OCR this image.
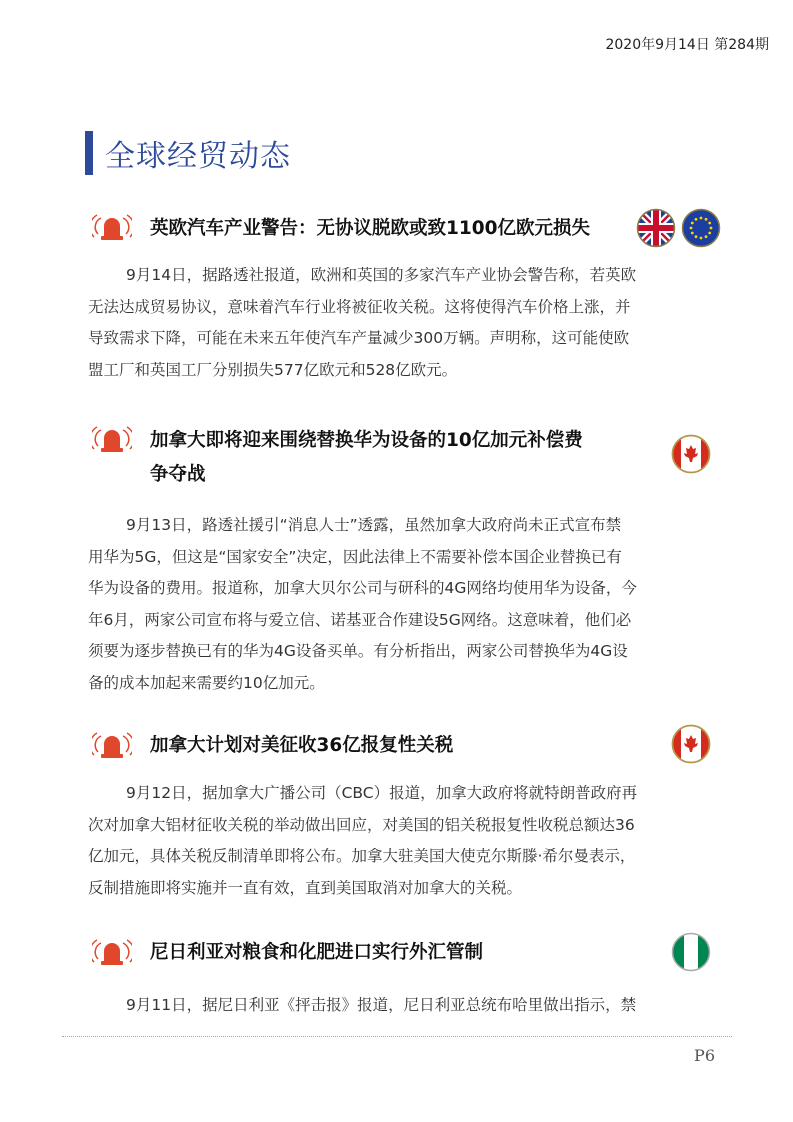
2020年9月14日 第284期
全球经贸动态
英欧汽车产业警告：无协议脱欧或致1100亿欧元损失
9月14日，据路透社报道，欧洲和英国的多家汽车产业协会警告称，若英欧
无法达成贸易协议，意味着汽车行业将被征收关税。这将使得汽车价格上涨，并
导致需求下降，可能在未来五年使汽车产量减少300万辆。声明称，这可能使欧
盟工厂和英国工厂分别损失577亿欧元和528亿欧元。
加拿大即将迎来围绕替换华为设备的10亿加元补偿费
争夺战
9月13日，路透社援引“消息人士”透露，虽然加拿大政府尚未正式宣布禁
用华为5G，但这是“国家安全”决定，因此法律上不需要补偿本国企业替换已有
华为设备的费用。报道称，加拿大贝尔公司与研科的4G网络均使用华为设备，今
年6月，两家公司宣布将与爱立信、诺基亚合作建设5G网络。这意味着，他们必
须要为逐步替换已有的华为4G设备买单。有分析指出，两家公司替换华为4G设
备的成本加起来需要约10亿加元。
加拿大计划对美征收36亿报复性关税
9月12日，据加拿大广播公司（CBC）报道，加拿大政府将就特朗普政府再
次对加拿大铝材征收关税的举动做出回应，对美国的铝关税报复性收税总额达36
亿加元，具体关税反制清单即将公布。加拿大驻美国大使克尔斯滕·希尔曼表示，
反制措施即将实施并一直有效，直到美国取消对加拿大的关税。
尼日利亚对粮食和化肥进口实行外汇管制
9月11日，据尼日利亚《抨击报》报道，尼日利亚总统布哈里做出指示，禁
P6
